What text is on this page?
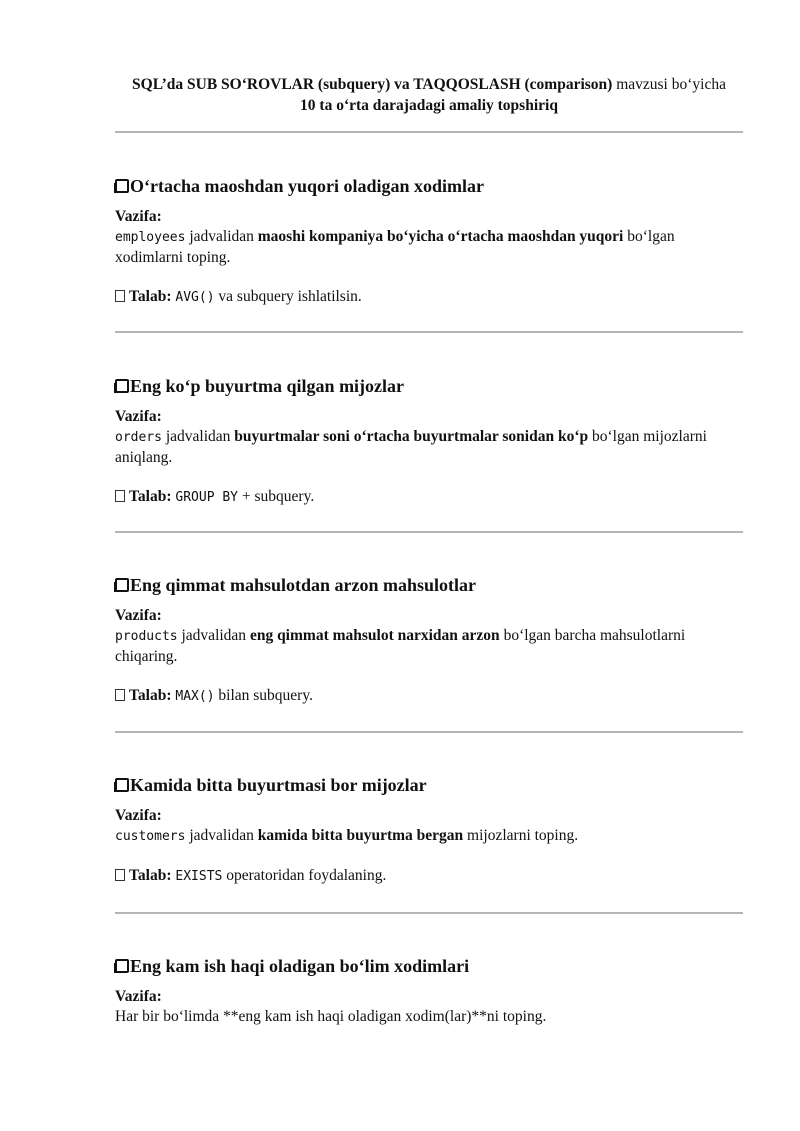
SQL’da SUB SO‘ROVLAR (subquery) va TAQQOSLASH (comparison) mavzusi bo‘yicha
10 ta o‘rta darajadagi amaliy topshiriq
O‘rtacha maoshdan yuqori oladigan xodimlar
Vazifa:
employees jadvalidan maoshi kompaniya bo‘yicha o‘rtacha maoshdan yuqori bo‘lgan xodimlarni toping.
Talab: AVG() va subquery ishlatilsin.
Eng ko‘p buyurtma qilgan mijozlar
Vazifa:
orders jadvalidan buyurtmalar soni o‘rtacha buyurtmalar sonidan ko‘p bo‘lgan mijozlarni aniqlang.
Talab: GROUP BY + subquery.
Eng qimmat mahsulotdan arzon mahsulotlar
Vazifa:
products jadvalidan eng qimmat mahsulot narxidan arzon bo‘lgan barcha mahsulotlarni chiqaring.
Talab: MAX() bilan subquery.
Kamida bitta buyurtmasi bor mijozlar
Vazifa:
customers jadvalidan kamida bitta buyurtma bergan mijozlarni toping.
Talab: EXISTS operatoridan foydalaning.
Eng kam ish haqi oladigan bo‘lim xodimlari
Vazifa:
Har bir bo‘limda **eng kam ish haqi oladigan xodim(lar)**ni toping.
